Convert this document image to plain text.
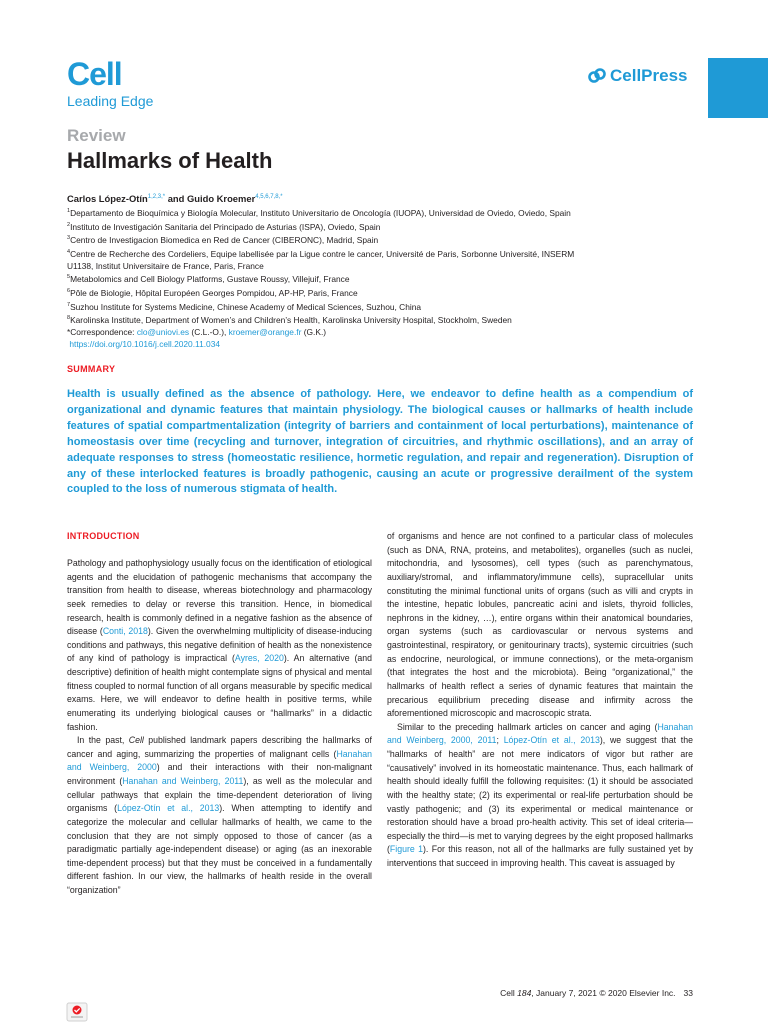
Cell
Leading Edge
CellPress
Review
Hallmarks of Health
Carlos López-Otín$^{1,2,3,*}$ and Guido Kroemer$^{4,5,6,7,8,*}$
$^1$Departamento de Bioquímica y Biología Molecular, Instituto Universitario de Oncología (IUOPA), Universidad de Oviedo, Oviedo, Spain
$^2$Instituto de Investigación Sanitaria del Principado de Asturias (ISPA), Oviedo, Spain
$^3$Centro de Investigacion Biomedica en Red de Cancer (CIBERONC), Madrid, Spain
$^4$Centre de Recherche des Cordeliers, Equipe labellisée par la Ligue contre le cancer, Université de Paris, Sorbonne Université, INSERM
U1138, Institut Universitaire de France, Paris, France
$^5$Metabolomics and Cell Biology Platforms, Gustave Roussy, Villejuif, France
$^6$Pôle de Biologie, Hôpital Européen Georges Pompidou, AP-HP, Paris, France
$^7$Suzhou Institute for Systems Medicine, Chinese Academy of Medical Sciences, Suzhou, China
$^8$Karolinska Institute, Department of Women’s and Children’s Health, Karolinska University Hospital, Stockholm, Sweden
*Correspondence: clo@uniovi.es (C.L.-O.), kroemer@orange.fr (G.K.)
https://doi.org/10.1016/j.cell.2020.11.034
SUMMARY
Health is usually defined as the absence of pathology. Here, we endeavor to define health as a compendium of organizational and dynamic features that maintain physiology. The biological causes or hallmarks of health include features of spatial compartmentalization (integrity of barriers and containment of local perturbations), maintenance of homeostasis over time (recycling and turnover, integration of circuitries, and rhythmic oscillations), and an array of adequate responses to stress (homeostatic resilience, hormetic regulation, and repair and regeneration). Disruption of any of these interlocked features is broadly pathogenic, causing an acute or progressive derailment of the system coupled to the loss of numerous stigmata of health.
INTRODUCTION

Pathology and pathophysiology usually focus on the identification of etiological agents and the elucidation of pathogenic mechanisms that accompany the transition from health to disease, whereas biotechnology and pharmacology seek remedies to delay or reverse this transition. Hence, in biomedical research, health is commonly defined in a negative fashion as the absence of disease (Conti, 2018). Given the overwhelming multiplicity of disease-inducing conditions and pathways, this negative definition of health as the nonexistence of any kind of pathology is impractical (Ayres, 2020). An alternative (and descriptive) definition of health might contemplate signs of physical and mental fitness coupled to normal function of all organs measurable by specific medical exams. Here, we will endeavor to define health in positive terms, while enumerating its underlying biological causes or “hallmarks” in a didactic fashion.

In the past, Cell published landmark papers describing the hallmarks of cancer and aging, summarizing the properties of malignant cells (Hanahan and Weinberg, 2000) and their interactions with their non-malignant environment (Hanahan and Weinberg, 2011), as well as the molecular and cellular pathways that explain the time-dependent deterioration of living organisms (López-Otín et al., 2013). When attempting to identify and categorize the molecular and cellular hallmarks of health, we came to the conclusion that they are not simply opposed to those of cancer (as a paradigmatic partially age-independent disease) or aging (as an inexorable time-dependent process) but that they must be conceived in a fundamentally different fashion. In our view, the hallmarks of health reside in the overall “organization”

of organisms and hence are not confined to a particular class of molecules (such as DNA, RNA, proteins, and metabolites), organelles (such as nuclei, mitochondria, and lysosomes), cell types (such as parenchymatous, auxiliary/stromal, and inflammatory/immune cells), supracellular units constituting the minimal functional units of organs (such as villi and crypts in the intestine, hepatic lobules, pancreatic acini and islets, thyroid follicles, nephrons in the kidney, …), entire organs within their anatomical boundaries, organ systems (such as cardiovascular or nervous systems and gastrointestinal, respiratory, or genitourinary tracts), systemic circuitries (such as endocrine, neurological, or immune connections), or the meta-organism (that integrates the host and the microbiota). Being “organizational,” the hallmarks of health reflect a series of dynamic features that maintain the precarious equilibrium preceding disease and infirmity across the aforementioned microscopic and macroscopic strata.

Similar to the preceding hallmark articles on cancer and aging (Hanahan and Weinberg, 2000, 2011; López-Otín et al., 2013), we suggest that the “hallmarks of health” are not mere indicators of vigor but rather are “causatively” involved in its homeostatic maintenance. Thus, each hallmark of health should ideally fulfill the following requisites: (1) it should be associated with the healthy state; (2) its experimental or real-life perturbation should be vastly pathogenic; and (3) its experimental or medical maintenance or restoration should have a broad pro-health activity. This set of ideal criteria—especially the third—is met to varying degrees by the eight proposed hallmarks (Figure 1). For this reason, not all of the hallmarks are fully sustained yet by interventions that succeed in improving health. This caveat is assuaged by

Cell 184, January 7, 2021 © 2020 Elsevier Inc. 33
